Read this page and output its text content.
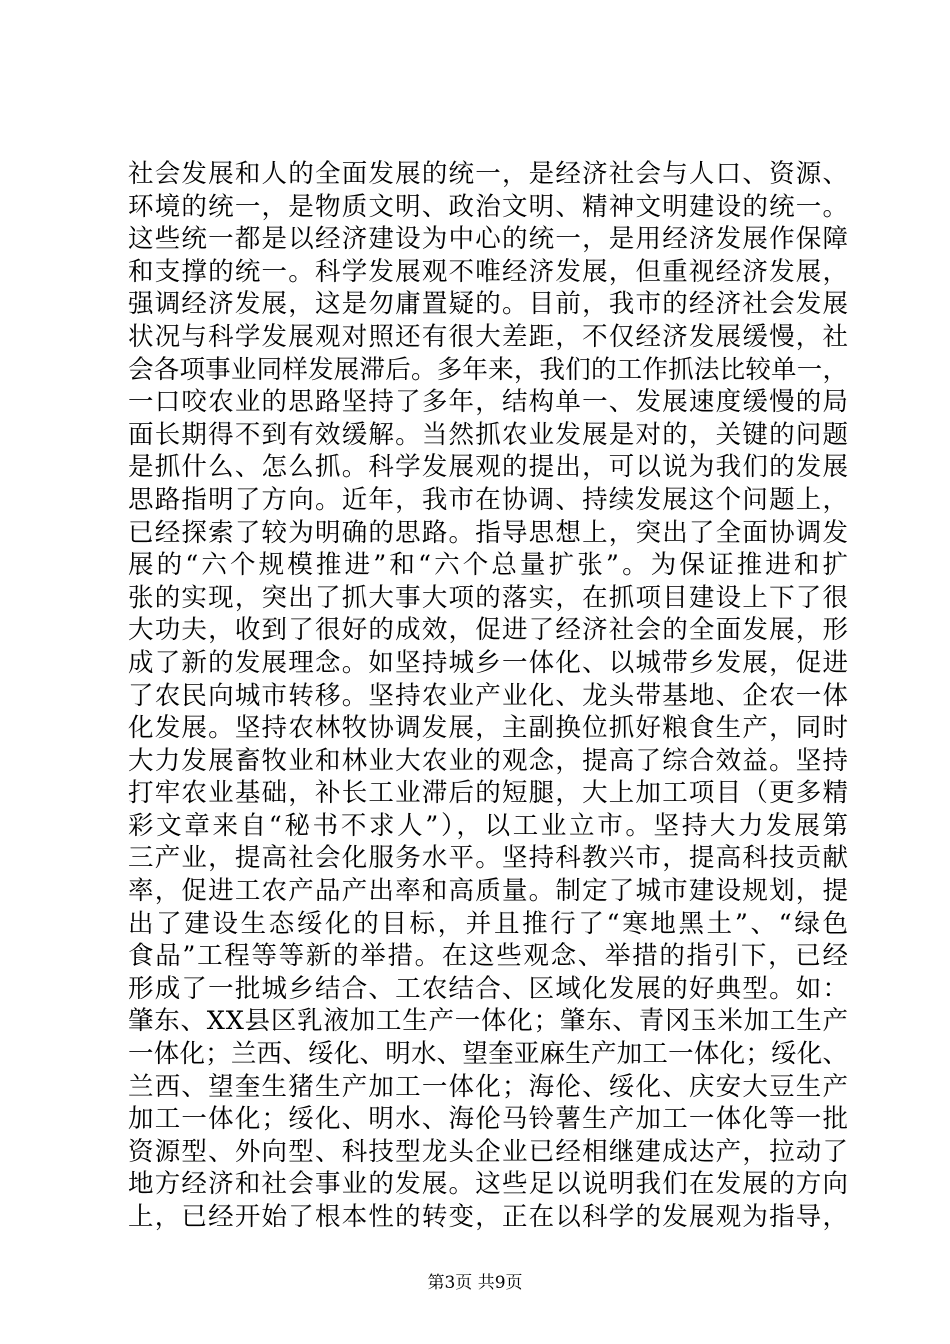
社会发展和人的全面发展的统一，是经济社会与人口、资源、
环境的统一，是物质文明、政治文明、精神文明建设的统一。
这些统一都是以经济建设为中心的统一，是用经济发展作保障
和支撑的统一。科学发展观不唯经济发展，但重视经济发展，
强调经济发展，这是勿庸置疑的。目前，我市的经济社会发展
状况与科学发展观对照还有很大差距，不仅经济发展缓慢，社
会各项事业同样发展滞后。多年来，我们的工作抓法比较单一，
一口咬农业的思路坚持了多年，结构单一、发展速度缓慢的局
面长期得不到有效缓解。当然抓农业发展是对的，关键的问题
是抓什么、怎么抓。科学发展观的提出，可以说为我们的发展
思路指明了方向。近年，我市在协调、持续发展这个问题上，
已经探索了较为明确的思路。指导思想上，突出了全面协调发
展的“六个规模推进”和“六个总量扩张”。为保证推进和扩
张的实现，突出了抓大事大项的落实，在抓项目建设上下了很
大功夫，收到了很好的成效，促进了经济社会的全面发展，形
成了新的发展理念。如坚持城乡一体化、以城带乡发展，促进
了农民向城市转移。坚持农业产业化、龙头带基地、企农一体
化发展。坚持农林牧协调发展，主副换位抓好粮食生产，同时
大力发展畜牧业和林业大农业的观念，提高了综合效益。坚持
打牢农业基础，补长工业滞后的短腿，大上加工项目（更多精
彩文章来自“秘书不求人”），以工业立市。坚持大力发展第
三产业，提高社会化服务水平。坚持科教兴市，提高科技贡献
率，促进工农产品产出率和高质量。制定了城市建设规划，提
出了建设生态绥化的目标，并且推行了“寒地黑土”、“绿色
食品”工程等等新的举措。在这些观念、举措的指引下，已经
形成了一批城乡结合、工农结合、区域化发展的好典型。如：
肇东、XX县区乳液加工生产一体化；肇东、青冈玉米加工生产
一体化；兰西、绥化、明水、望奎亚麻生产加工一体化；绥化、
兰西、望奎生猪生产加工一体化；海伦、绥化、庆安大豆生产
加工一体化；绥化、明水、海伦马铃薯生产加工一体化等一批
资源型、外向型、科技型龙头企业已经相继建成达产，拉动了
地方经济和社会事业的发展。这些足以说明我们在发展的方向
上，已经开始了根本性的转变，正在以科学的发展观为指导，
第3页 共9页
